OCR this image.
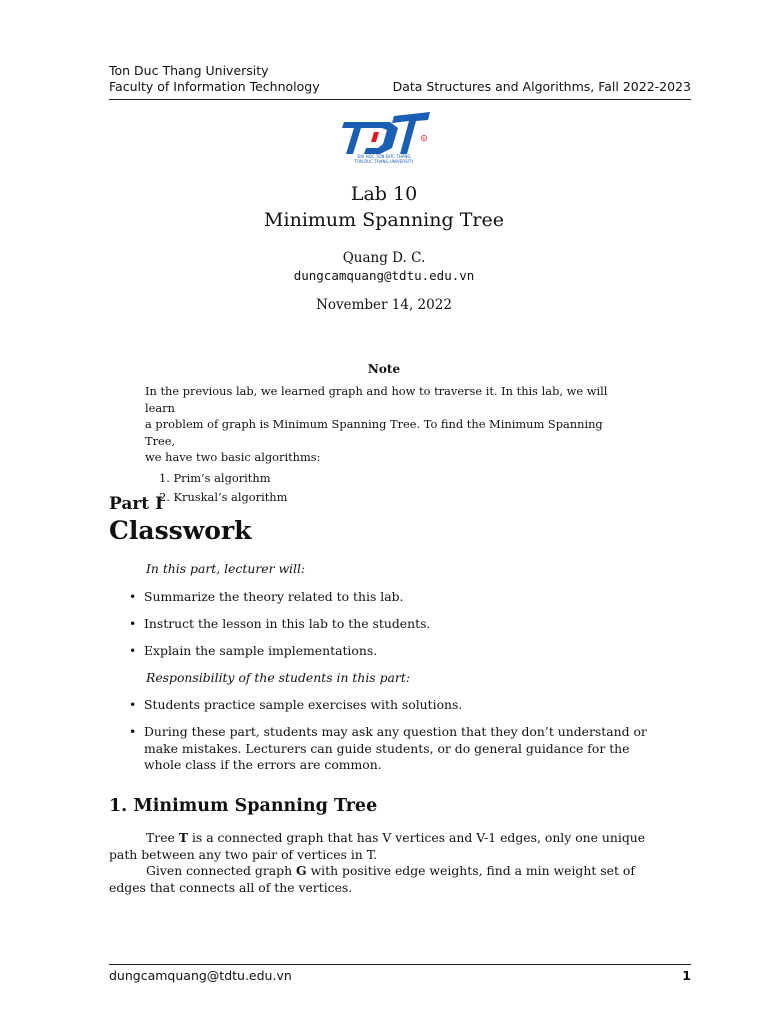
Ton Duc Thang University
Faculty of Information Technology	Data Structures and Algorithms, Fall 2022-2023
R
ĐẠI HỌC TÔN ĐỨC THẮNG
TON DUC THANG UNIVERSITY
Lab 10
Minimum Spanning Tree
Quang D. C.
dungcamquang@tdtu.edu.vn
November 14, 2022
Note
In the previous lab, we learned graph and how to traverse it. In this lab, we will learn
a problem of graph is Minimum Spanning Tree. To find the Minimum Spanning Tree,
we have two basic algorithms:
1. Prim’s algorithm
2. Kruskal’s algorithm
Part I
Classwork
In this part, lecturer will:
• Summarize the theory related to this lab.
• Instruct the lesson in this lab to the students.
• Explain the sample implementations.
Responsibility of the students in this part:
• Students practice sample exercises with solutions.
• During these part, students may ask any question that they don’t understand or make mistakes. Lecturers can guide students, or do general guidance for the whole class if the errors are common.
1. Minimum Spanning Tree

Tree T is a connected graph that has V vertices and V-1 edges, only one unique path between any two pair of vertices in T.

Given connected graph G with positive edge weights, find a min weight set of edges that connects all of the vertices.

dungcamquang@tdtu.edu.vn	1
